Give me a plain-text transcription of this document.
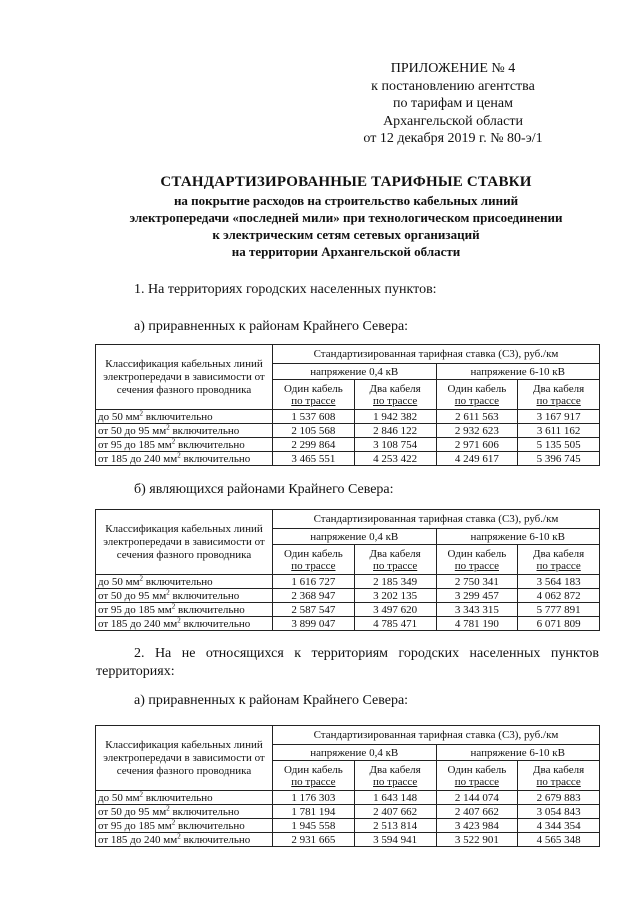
ПРИЛОЖЕНИЕ № 4
к постановлению агентства
по тарифам и ценам
Архангельской области
от 12 декабря 2019 г. № 80-э/1
СТАНДАРТИЗИРОВАННЫЕ ТАРИФНЫЕ СТАВКИ
на покрытие расходов на строительство кабельных линий
электропередачи «последней мили» при технологическом присоединении
к электрическим сетям сетевых организаций
на территории Архангельской области
1. На территориях городских населенных пунктов:
а) приравненных к районам Крайнего Севера:
Классификация кабельных линий электропередачи в зависимости от сечения фазного проводника	Стандартизированная тарифная ставка (С3), руб./км			
	напряжение 0,4 кВ		напряжение 6-10 кВ	
	Один кабель
по трассе	Два кабеля
по трассе	Один кабель
по трассе	Два кабеля
по трассе
до 50 $мм^2$ включительно	1 537 608	1 942 382	2 611 563	3 167 917
от 50 до 95 $мм^2$ включительно	2 105 568	2 846 122	2 932 623	3 611 162
от 95 до 185 $мм^2$ включительно	2 299 864	3 108 754	2 971 606	5 135 505
от 185 до 240 $мм^2$ включительно	3 465 551	4 253 422	4 249 617	5 396 745
б) являющихся районами Крайнего Севера:
Классификация кабельных линий электропередачи в зависимости от сечения фазного проводника	Стандартизированная тарифная ставка (С3), руб./км			
	напряжение 0,4 кВ		напряжение 6-10 кВ	
	Один кабель
по трассе	Два кабеля
по трассе	Один кабель
по трассе	Два кабеля
по трассе
до 50 $мм^2$ включительно	1 616 727	2 185 349	2 750 341	3 564 183
от 50 до 95 $мм^2$ включительно	2 368 947	3 202 135	3 299 457	4 062 872
от 95 до 185 $мм^2$ включительно	2 587 547	3 497 620	3 343 315	5 777 891
от 185 до 240 $мм^2$ включительно	3 899 047	4 785 471	4 781 190	6 071 809
2. На не относящихся к территориям городских населенных пунктов территориях:
а) приравненных к районам Крайнего Севера:
Классификация кабельных линий электропередачи в зависимости от сечения фазного проводника	Стандартизированная тарифная ставка (С3), руб./км			
	напряжение 0,4 кВ		напряжение 6-10 кВ	
	Один кабель
по трассе	Два кабеля
по трассе	Один кабель
по трассе	Два кабеля
по трассе
до 50 $мм^2$ включительно	1 176 303	1 643 148	2 144 074	2 679 883
от 50 до 95 $мм^2$ включительно	1 781 194	2 407 662	2 407 662	3 054 843
от 95 до 185 $мм^2$ включительно	1 945 558	2 513 814	3 423 984	4 344 354
от 185 до 240 $мм^2$ включительно	2 931 665	3 594 941	3 522 901	4 565 348
